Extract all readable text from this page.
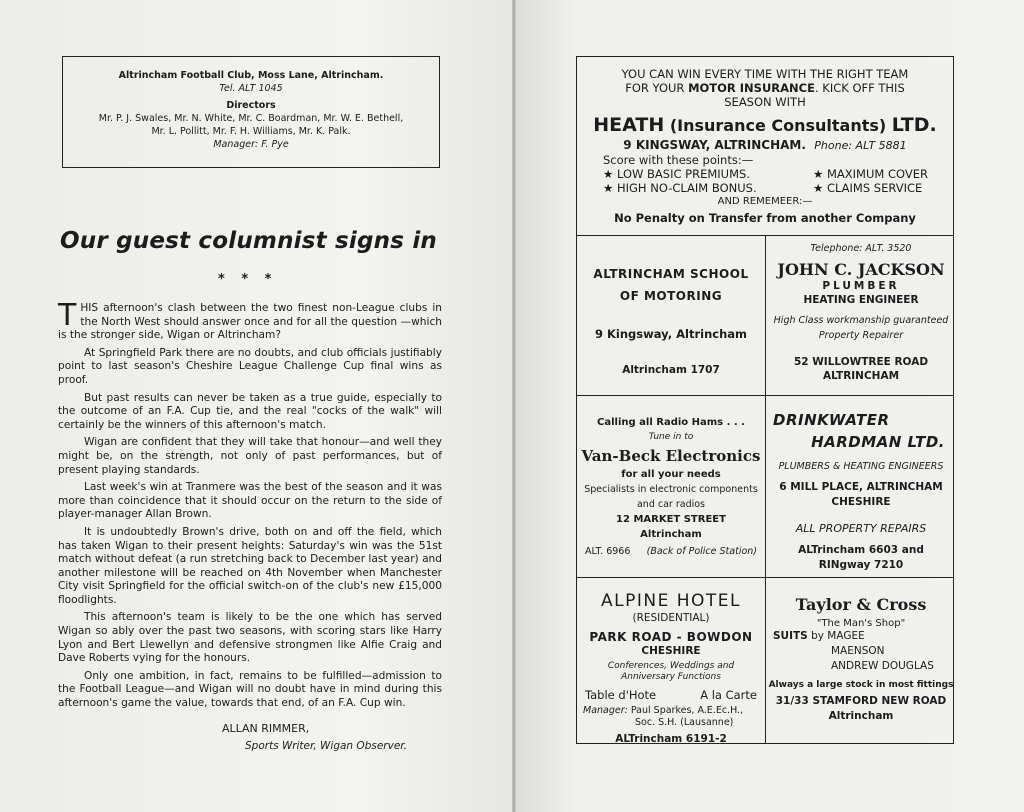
Altrincham Football Club, Moss Lane, Altrincham.
Tel. ALT 1045
Directors
Mr. P. J. Swales, Mr. N. White, Mr. C. Boardman, Mr. W. E. Bethell,
Mr. L. Pollitt, Mr. F. H. Williams, Mr. K. Palk.
Manager: F. Pye
Our guest columnist signs in
* * *

THIS afternoon's clash between the two finest non-League clubs in the North West should answer once and for all the question —which is the stronger side, Wigan or Altrincham?

At Springfield Park there are no doubts, and club officials justifiably point to last season's Cheshire League Challenge Cup final wins as proof.

But past results can never be taken as a true guide, especially to the outcome of an F.A. Cup tie, and the real "cocks of the walk" will certainly be the winners of this afternoon's match.

Wigan are confident that they will take that honour—and well they might be, on the strength, not only of past performances, but of present playing standards.

Last week's win at Tranmere was the best of the season and it was more than coincidence that it should occur on the return to the side of player-manager Allan Brown.

It is undoubtedly Brown's drive, both on and off the field, which has taken Wigan to their present heights: Saturday's win was the 51st match without defeat (a run stretching back to December last year) and another milestone will be reached on 4th November when Manchester City visit Springfield for the official switch-on of the club's new £15,000 floodlights.

This afternoon's team is likely to be the one which has served Wigan so ably over the past two seasons, with scoring stars like Harry Lyon and Bert Llewellyn and defensive strongmen like Alfie Craig and Dave Roberts vying for the honours.

Only one ambition, in fact, remains to be fulfilled—admission to the Football League—and Wigan will no doubt have in mind during this afternoon's game the value, towards that end, of an F.A. Cup win.

ALLAN RIMMER,
Sports Writer, Wigan Observer.
YOU CAN WIN EVERY TIME WITH THE RIGHT TEAM
FOR YOUR MOTOR INSURANCE. KICK OFF THIS
SEASON WITH
HEATH (Insurance Consultants) LTD.
9 KINGSWAY, ALTRINCHAM. Phone: ALT 5881
Score with these points:—
★ LOW BASIC PREMIUMS.	★ MAXIMUM COVER
★ HIGH NO-CLAIM BONUS.	★ CLAIMS SERVICE
AND REMEMEER:—
No Penalty on Transfer from another Company
ALTRINCHAM SCHOOL
OF MOTORING
9 Kingsway, Altrincham
Altrincham 1707
Telephone: ALT. 3520
JOHN C. JACKSON
PLUMBER
HEATING ENGINEER
High Class workmanship guaranteed
Property Repairer
52 WILLOWTREE ROAD
ALTRINCHAM
Calling all Radio Hams . . .
Tune in to
Van-Beck Electronics
for all your needs
Specialists in electronic components
and car radios
12 MARKET STREET
Altrincham
ALT. 6966 (Back of Police Station)
DRINKWATER
HARDMAN LTD.
PLUMBERS & HEATING ENGINEERS
6 MILL PLACE, ALTRINCHAM
CHESHIRE
ALL PROPERTY REPAIRS
ALTrincham 6603 and
RINgway 7210
ALPINE HOTEL
(RESIDENTIAL)
PARK ROAD - BOWDON
CHESHIRE
Conferences, Weddings and
Anniversary Functions
Table d'Hote	A la Carte
Manager: Paul Sparkes, A.E.Ec.H.,
Soc. S.H. (Lausanne)
ALTrincham 6191-2
Taylor & Cross
"The Man's Shop"
SUITS by MAGEE
MAENSON
ANDREW DOUGLAS
Always a large stock in most fittings
31/33 STAMFORD NEW ROAD
Altrincham
